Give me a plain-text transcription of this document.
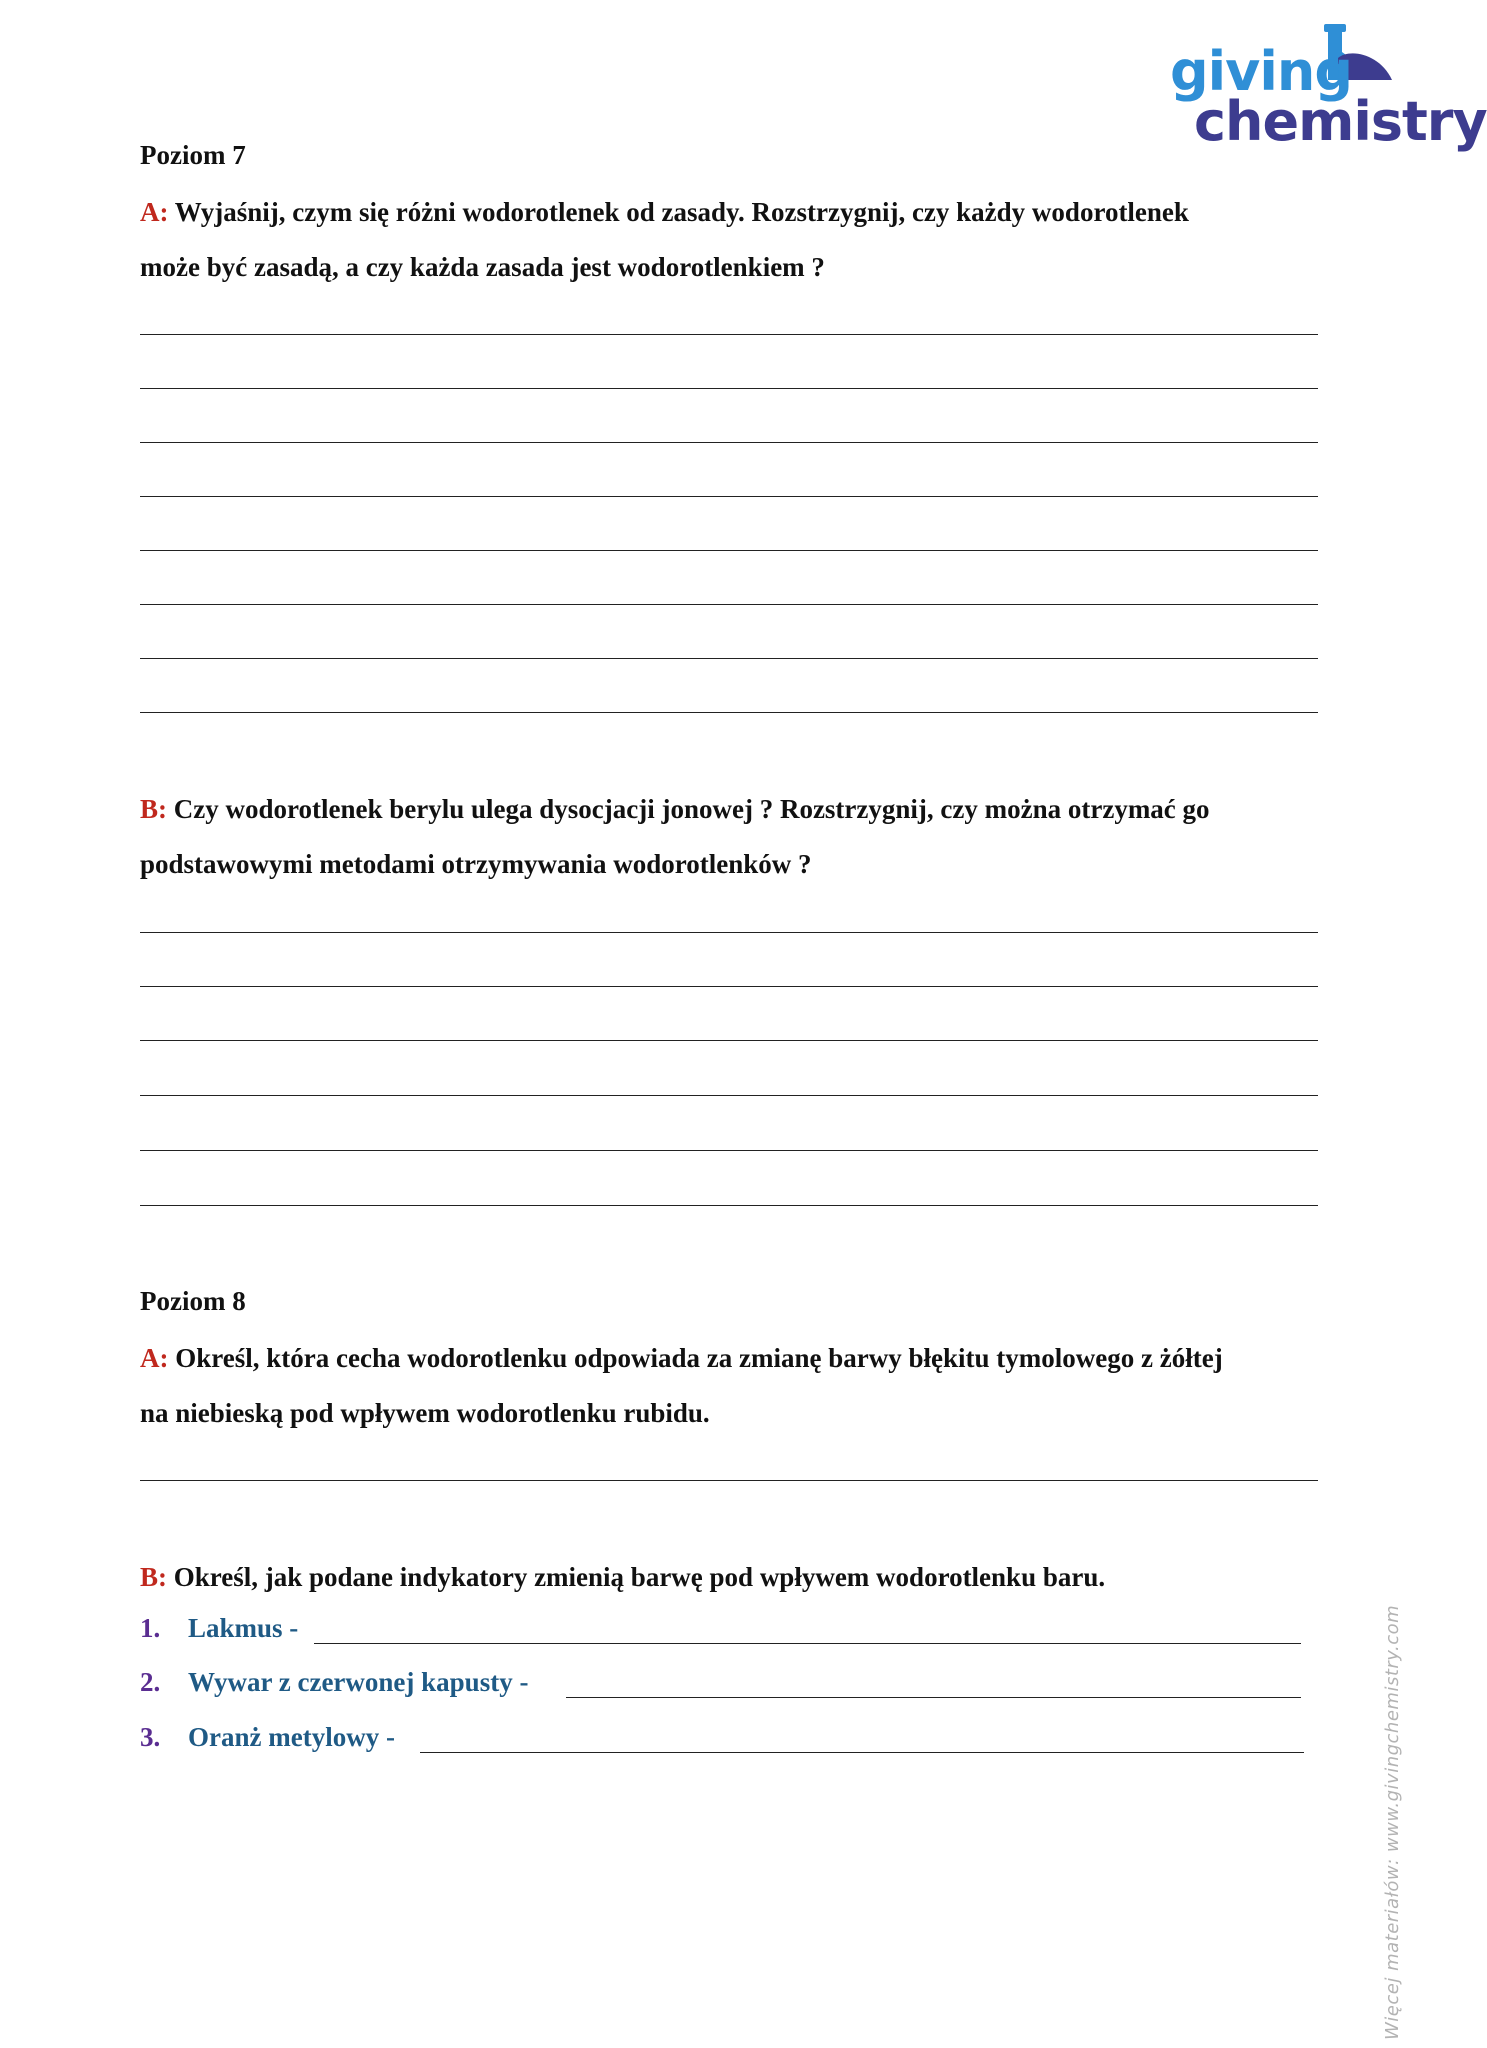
giving
chemistry
Poziom 7
A: Wyjaśnij, czym się różni wodorotlenek od zasady. Rozstrzygnij, czy każdy wodorotlenek
może być zasadą, a czy każda zasada jest wodorotlenkiem ?
B: Czy wodorotlenek berylu ulega dysocjacji jonowej ? Rozstrzygnij, czy można otrzymać go
podstawowymi metodami otrzymywania wodorotlenków ?
Poziom 8
A: Określ, która cecha wodorotlenku odpowiada za zmianę barwy błękitu tymolowego z żółtej
na niebieską pod wpływem wodorotlenku rubidu.
B: Określ, jak podane indykatory zmienią barwę pod wpływem wodorotlenku baru.
1. Lakmus -
2. Wywar z czerwonej kapusty -
3. Oranż metylowy -	Więcej materiałów: www.givingchemistry.com
